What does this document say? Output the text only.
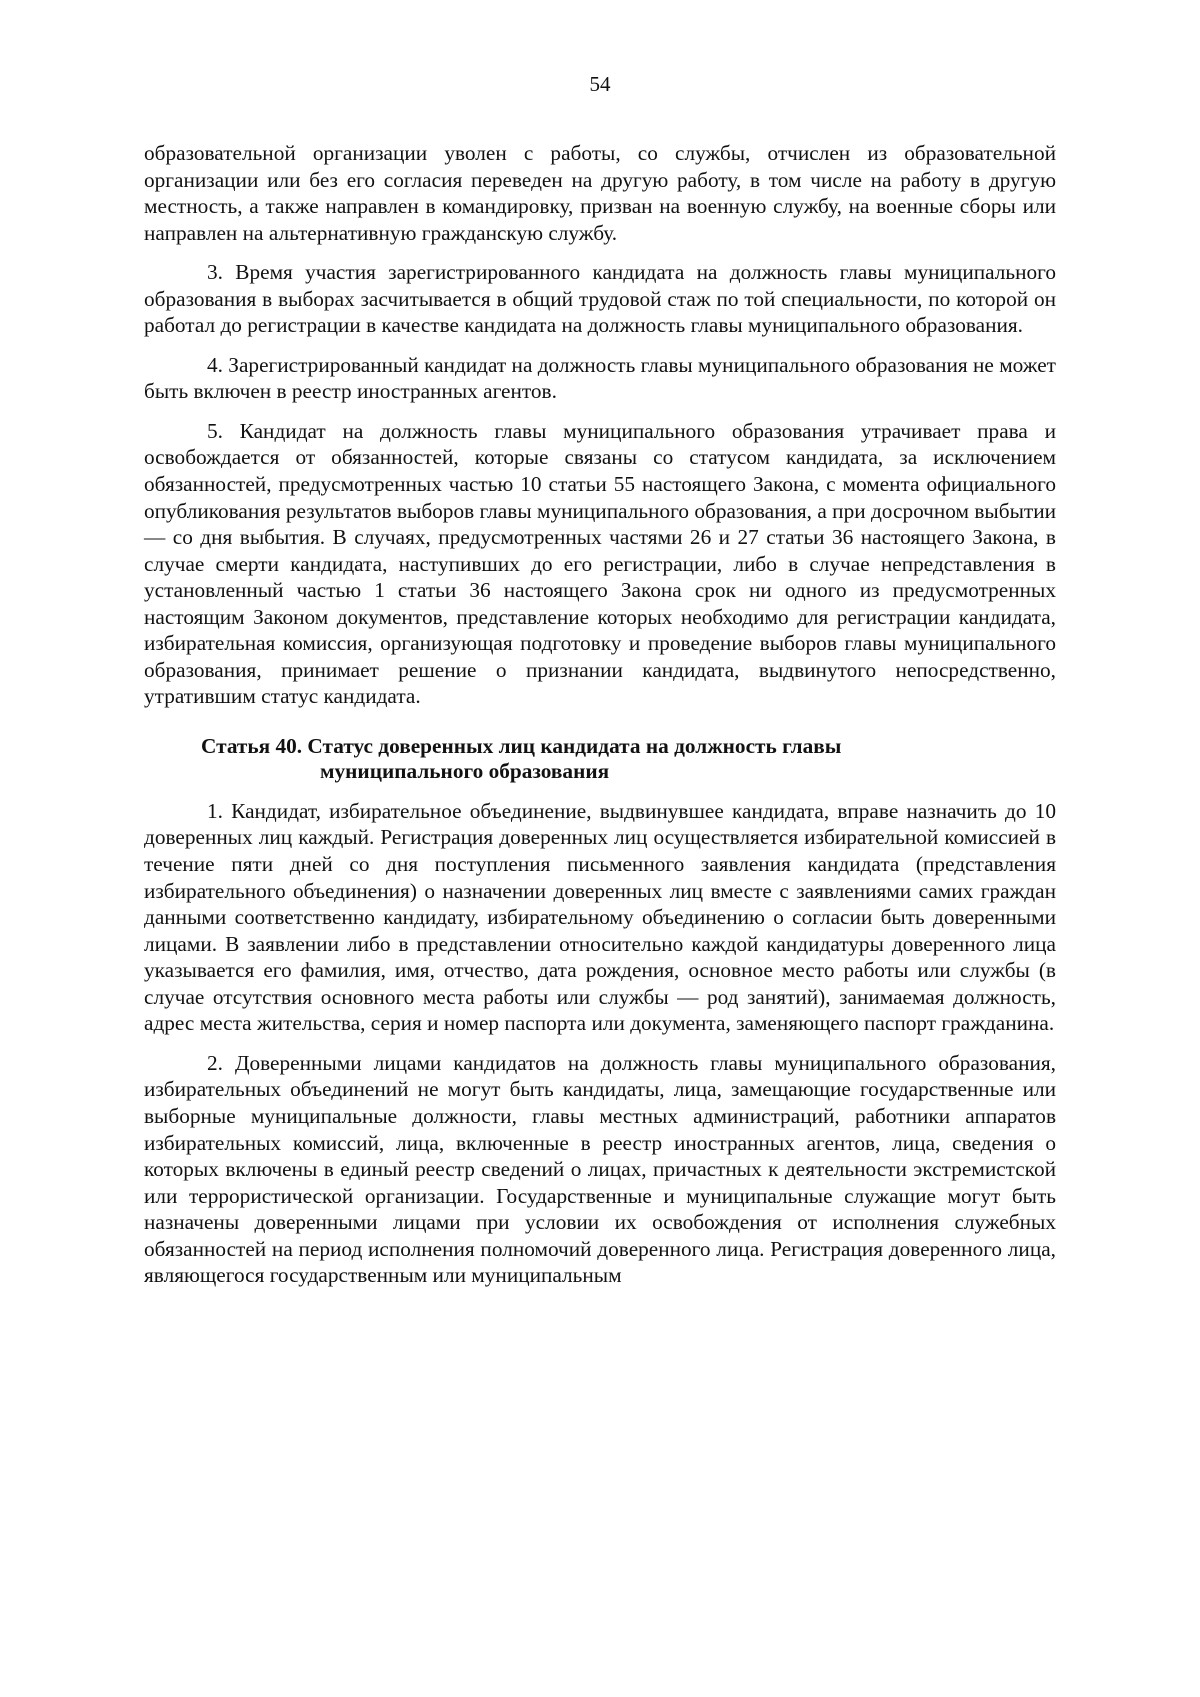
54

образовательной организации уволен с работы, со службы, отчислен из образовательной организации или без его согласия переведен на другую работу, в том числе на работу в другую местность, а также направлен в командировку, призван на военную службу, на военные сборы или направлен на альтернативную гражданскую службу.

3. Время участия зарегистрированного кандидата на должность главы муниципального образования в выборах засчитывается в общий трудовой стаж по той специальности, по которой он работал до регистрации в качестве кандидата на должность главы муниципального образования.

4. Зарегистрированный кандидат на должность главы муниципального образования не может быть включен в реестр иностранных агентов.

5. Кандидат на должность главы муниципального образования утрачивает права и освобождается от обязанностей, которые связаны со статусом кандидата, за исключением обязанностей, предусмотренных частью 10 статьи 55 настоящего Закона, с момента официального опубликования результатов выборов главы муниципального образования, а при досрочном выбытии — со дня выбытия. В случаях, предусмотренных частями 26 и 27 статьи 36 настоящего Закона, в случае смерти кандидата, наступивших до его регистрации, либо в случае непредставления в установленный частью 1 статьи 36 настоящего Закона срок ни одного из предусмотренных настоящим Законом документов, представление которых необходимо для регистрации кандидата, избирательная комиссия, организующая подготовку и проведение выборов главы муниципального образования, принимает решение о признании кандидата, выдвинутого непосредственно, утратившим статус кандидата.

Статья 40. Статус доверенных лиц кандидата на должность главы
муниципального образования

1. Кандидат, избирательное объединение, выдвинувшее кандидата, вправе назначить до 10 доверенных лиц каждый. Регистрация доверенных лиц осуществляется избирательной комиссией в течение пяти дней со дня поступления письменного заявления кандидата (представления избирательного объединения) о назначении доверенных лиц вместе с заявлениями самих граждан данными соответственно кандидату, избирательному объединению о согласии быть доверенными лицами. В заявлении либо в представлении относительно каждой кандидатуры доверенного лица указывается его фамилия, имя, отчество, дата рождения, основное место работы или службы (в случае отсутствия основного места работы или службы — род занятий), занимаемая должность, адрес места жительства, серия и номер паспорта или документа, заменяющего паспорт гражданина.

2. Доверенными лицами кандидатов на должность главы муниципального образования, избирательных объединений не могут быть кандидаты, лица, замещающие государственные или выборные муниципальные должности, главы местных администраций, работники аппаратов избирательных комиссий, лица, включенные в реестр иностранных агентов, лица, сведения о которых включены в единый реестр сведений о лицах, причастных к деятельности экстремистской или террористической организации. Государственные и муниципальные служащие могут быть назначены доверенными лицами при условии их освобождения от исполнения служебных обязанностей на период исполнения полномочий доверенного лица. Регистрация доверенного лица, являющегося государственным или муниципальным
